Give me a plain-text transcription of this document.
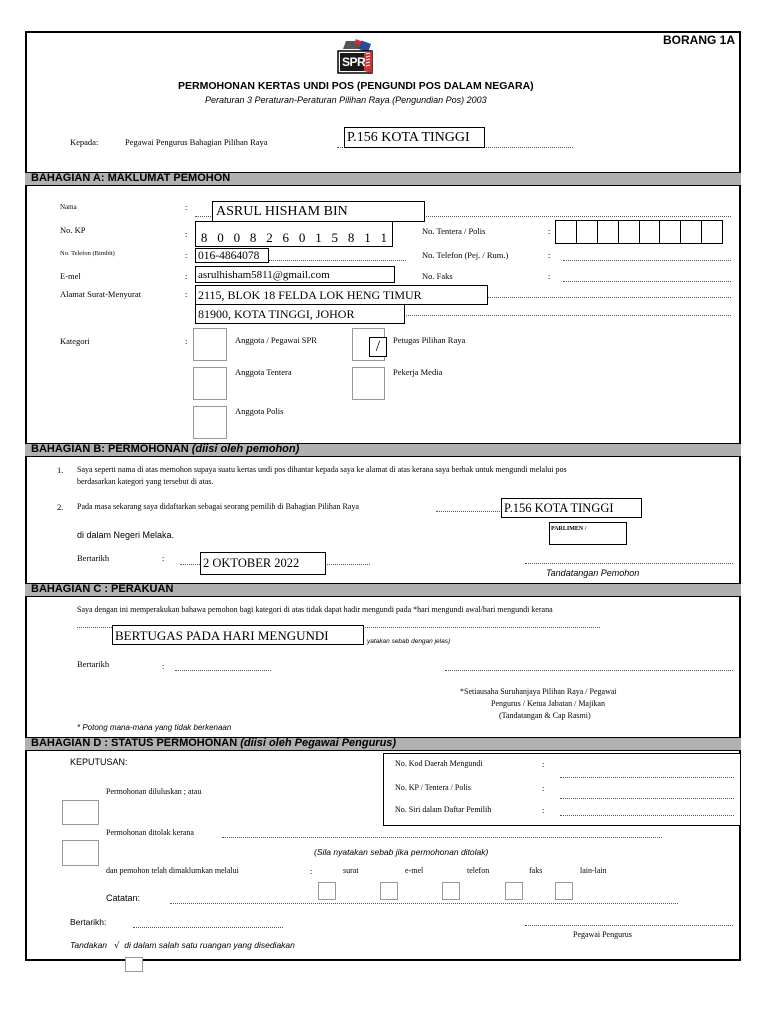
BORANG 1A
SPR
PERMOHONAN KERTAS UNDI POS (PENGUNDI POS DALAM NEGARA)
Peraturan 3 Peraturan-Peraturan Pilihan Raya (Pengundian Pos) 2003
Kepada:	Pegawai Pengurus Bahagian Pilihan Raya	P.156 KOTA TINGGI
BAHAGIAN A: MAKLUMAT PEMOHON
Nama	: ASRUL HISHAM BIN
No. KP	:	8 0 0 8 2 6 0 1 5 8 1 1	No. Tentera / Polis	:
No. Telefon (Bimbit)	: 016-4864078	No. Telefon (Pej. / Rum.)	:
E-mel	: asrulhisham5811@gmail.com	No. Faks	:
Alamat Surat-Menyurat	: 2115, BLOK 18 FELDA LOK HENG TIMUR
81900, KOTA TINGGI, JOHOR
Kategori	:	Anggota / Pegawai SPR	/	Petugas Pilihan Raya
Anggota Tentera	Pekerja Media
Anggota Polis
BAHAGIAN B: PERMOHONAN (diisi oleh pemohon)
1. Saya seperti nama di atas memohon supaya suatu kertas undi pos dihantar kepada saya ke alamat di atas kerana saya berhak untuk mengundi melalui pos
berdasarkan kategori yang tersebut di atas.
2. Pada masa sekarang saya didaftarkan sebagai seorang pemilih di Bahagian Pilihan Raya	P.156 KOTA TINGGI
PARLIMEN /
di dalam Negeri Melaka.
Bertarikh	:	2 OKTOBER 2022
Tandatangan Pemohon
BAHAGIAN C : PERAKUAN
Saya dengan ini memperakukan bahawa pemohon bagi kategori di atas tidak dapat hadir mengundi pada *hari mengundi awal/hari mengundi kerana
BERTUGAS PADA HARI MENGUNDI	yatakan sebab dengan jelas)
Bertarikh	:
*Setiausaha Suruhanjaya Pilihan Raya / Pegawai
Pengurus / Ketua Jabatan / Majikan
(Tandatangan & Cap Rasmi)
* Potong mana-mana yang tidak berkenaan
BAHAGIAN D : STATUS PERMOHONAN (diisi oleh Pegawai Pengurus)
KEPUTUSAN:	No. Kod Daerah Mengundi	:
No. KP / Tentera / Polis	:
No. Siri dalam Daftar Pemilih	:
Permohonan diluluskan ; atau
Permohonan ditolak kerana
(Sila nyatakan sebab jika permohonan ditolak)
dan pemohon telah dimaklumkan melalui	:	surat	e-mel	telefon	faks	lain-lain
Catatan:
Bertarikh:
Pegawai Pengurus
Tandakan √ di dalam salah satu ruangan yang disediakan
